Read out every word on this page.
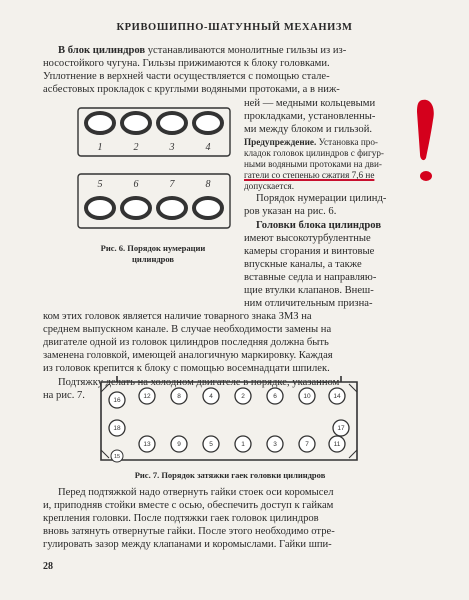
КРИВОШИПНО-ШАТУННЫЙ МЕХАНИЗМ

В блок цилиндров устанавливаются монолитные гильзы из из-

носостойкого чугуна. Гильзы прижимаются к блоку головками.

Уплотнение в верхней части осуществляется с помощью стале-

асбестовых прокладок с круглыми водяными протоками, а в ниж-

ней — медными кольцевыми

прокладками, установленны-

ми между блоком и гильзой.

Предупреждение. Установка про-

кладок головок цилиндров с фигур-

ными водяными протоками на дви-

гатели со степенью сжатия 7,6 не

допускается.

Порядок нумерации цилинд-

ров указан на рис. 6.

Головки блока цилиндров

имеют высокотурбулентные

камеры сгорания и винтовые

впускные каналы, а также

вставные седла и направляю-

щие втулки клапанов. Внеш-

ним отличительным призна-

ком этих головок является наличие товарного знака ЗМЗ на

среднем выпускном канале. В случае необходимости замены на

двигателе одной из головок цилиндров последняя должна быть

заменена головкой, имеющей аналогичную маркировку. Каждая

из головок крепится к блоку с помощью восемнадцати шпилек.

Подтяжку делать на холодном двигателе в порядке, указанном

на рис. 7.

1	2	3	4
5	6	7	8
Рис. 6. Порядок нумерации
цилиндров
16
12	8	4	2	6	10	14
18	17
13	9	5	1	3	7	11
15
Рис. 7. Порядок затяжки гаек головки цилиндров

Перед подтяжкой надо отвернуть гайки стоек оси коромысел

и, приподняв стойки вместе с осью, обеспечить доступ к гайкам

крепления головки. После подтяжки гаек головок цилиндров

вновь затянуть отвернутые гайки. После этого необходимо отре-

гулировать зазор между клапанами и коромыслами. Гайки шпи-

28
